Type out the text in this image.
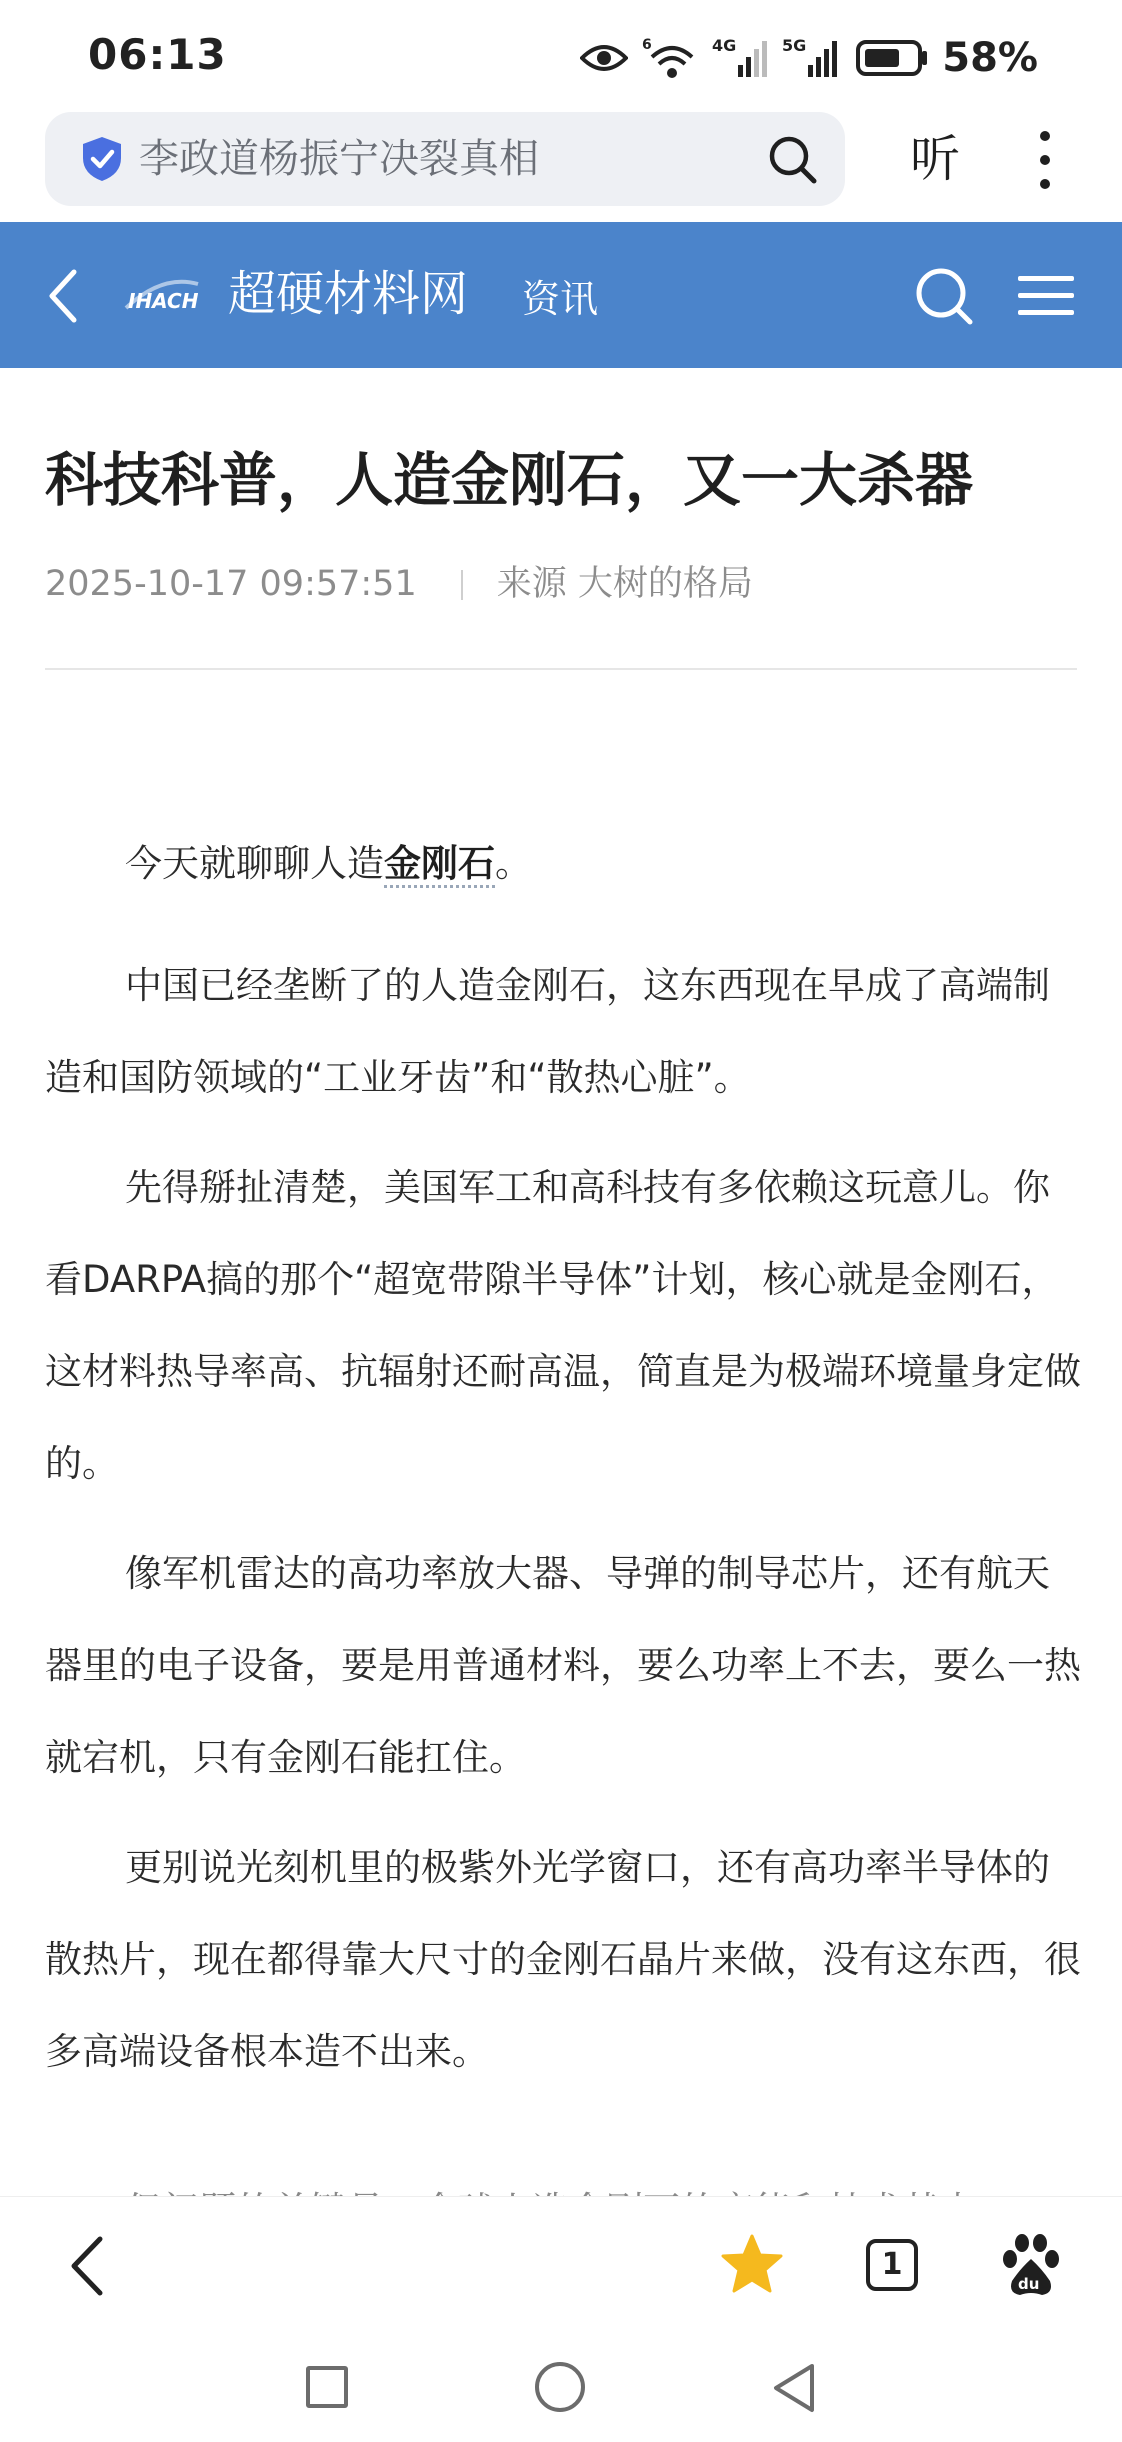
06:13	6	4G	5G	58%
李政道杨振宁决裂真相	听
IHACH 超硬材料网 资讯
科技科普，人造金刚石，又一大杀器
2025-10-17 09:57:51 来源 大树的格局

今天就聊聊人造金刚石。

中国已经垄断了的人造金刚石，这东西现在早成了高端制造和国防领域的“工业牙齿”和“散热心脏”。

先得掰扯清楚，美国军工和高科技有多依赖这玩意儿。你看DARPA搞的那个“超宽带隙半导体”计划，核心就是金刚石，这材料热导率高、抗辐射还耐高温，简直是为极端环境量身定做的。

像军机雷达的高功率放大器、导弹的制导芯片，还有航天器里的电子设备，要是用普通材料，要么功率上不去，要么一热就宕机，只有金刚石能扛住。

更别说光刻机里的极紫外光学窗口，还有高功率半导体的散热片，现在都得靠大尺寸的金刚石晶片来做，没有这东西，很多高端设备根本造不出来。

1
du
